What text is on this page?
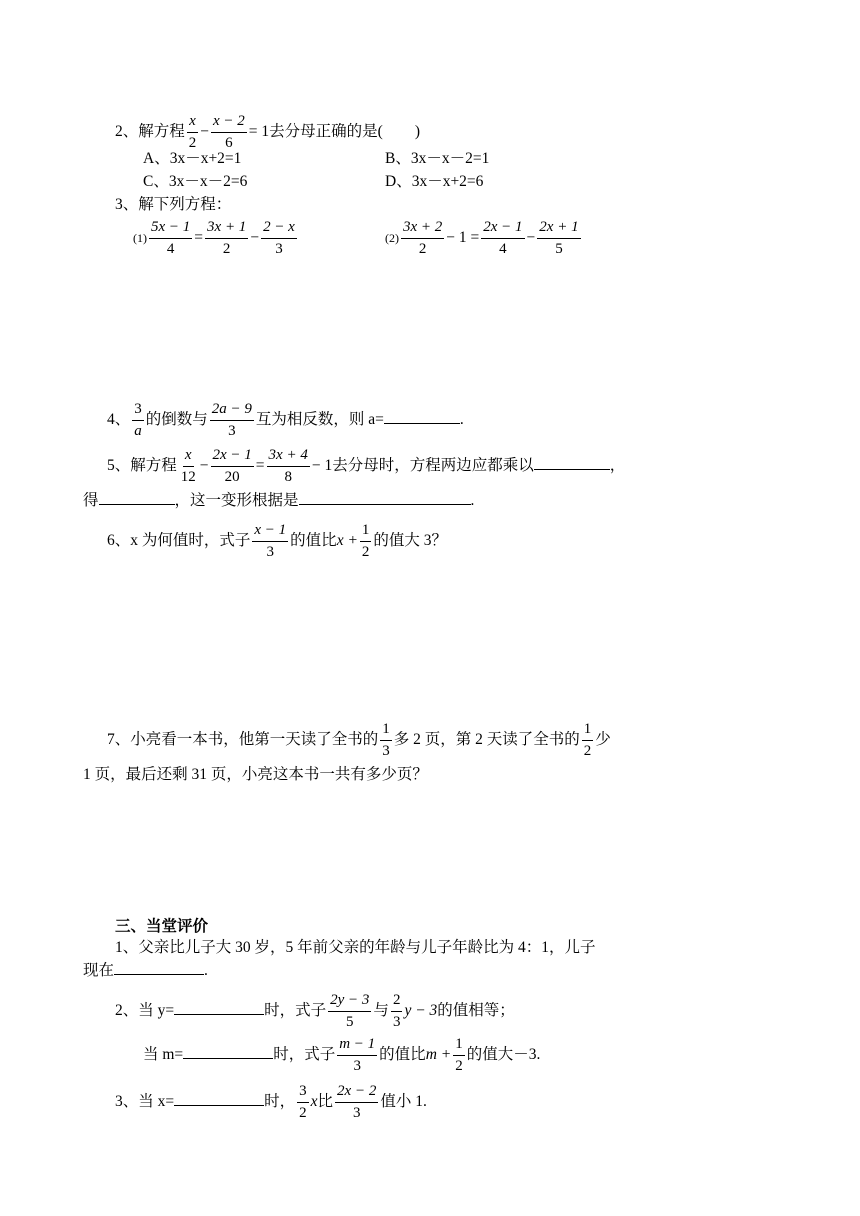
2、解方程 $\frac{x}{2} - \frac{x - 2}{6} = 1$去分母正确的是( )
A、3x－x+2=1	B、3x－x－2=1
C、3x－x－2=6	D、3x－x+2=6
3、解下列方程：
$(1) \frac{5x - 1}{4} = \frac{3x + 1}{2} - \frac{2 - x}{3}$	$(2) \frac{3x + 2}{2} - 1 = \frac{2x - 1}{4} - \frac{2x + 1}{5}$
4、 $\frac{3}{a}$ 的倒数与 $\frac{2a - 9}{3}$ 互为相反数，则 a=	.
5、解方程 $\frac{x}{12} - \frac{2x - 1}{20} = \frac{3x + 4}{8} - 1$去分母时，方程两边应都乘以	，
得	，这一变形根据是	.
6、x 为何值时，式子 $\frac{x - 1}{3}$ 的值比$x + \frac{1}{2}$ 的值大 3？
7、小亮看一本书，他第一天读了全书的 $\frac{1}{3}$ 多 2 页，第 2 天读了全书的 $\frac{1}{2}$ 少
1 页，最后还剩 31 页，小亮这本书一共有多少页？
三、当堂评价
1、父亲比儿子大 30 岁，5 年前父亲的年龄与儿子年龄比为 4：1，儿子
现在	.
2、当 y=	时，式子 $\frac{2y - 3}{5}$ 与 $\frac{2}{3}$ y − 3的值相等；
当 m=	时，式子 $\frac{m - 1}{3}$ 的值比$m + \frac{1}{2}$ 的值大－3.
3、当 x=	时， $\frac{3}{2}$ x比 $\frac{2x - 2}{3}$ 值小 1.
